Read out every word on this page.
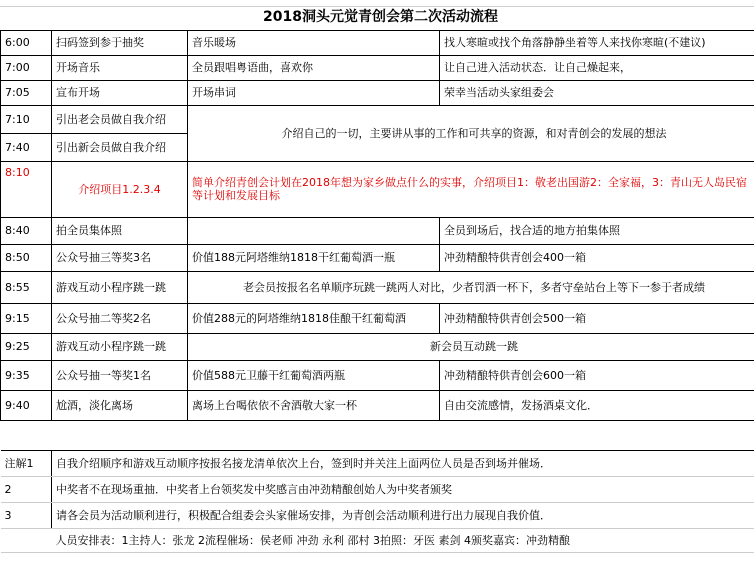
2018洞头元觉青创会第二次活动流程			
6:00	扫码签到参于抽奖	音乐暖场	找人寒暄或找个角落静静坐着等人来找你寒暄(不建议)
7:00	开场音乐	全员跟唱粤语曲，喜欢你	让自己进入活动状态．让自己燥起来，
7:05	宣布开场	开场串词	荣幸当活动头家组委会
7:10	引出老会员做自我介绍	介绍自己的一切，主要讲从事的工作和可共享的资源，和对青创会的发展的想法	
7:40	引出新会员做自我介绍		
8:10	介绍项目1.2.3.4	简单介绍青创会计划在2018年想为家乡做点什么的实事，介绍项目1：敬老出国游2：全家福，3：青山无人岛民宿等计划和发展目标	
8:40	拍全员集体照		全员到场后，找合适的地方拍集体照
8:50	公众号抽三等奖3名	价值188元阿塔维纳1818干红葡萄酒一瓶	冲劲精酿特供青创会400一箱
8:55	游戏互动小程序跳一跳	老会员按报名名单顺序玩跳一跳两人对比，少者罚酒一杯下，多者守垒站台上等下一参于者成绩	
9:15	公众号抽二等奖2名	价值288元的阿塔维纳1818佳酿干红葡萄酒	冲劲精酿特供青创会500一箱
9:25	游戏互动小程序跳一跳	新会员互动跳一跳	
9:35	公众号抽一等奖1名	价值588元卫藤干红葡萄酒两瓶	冲劲精酿特供青创会600一箱
9:40	尬酒，淡化离场	离场上台喝依依不舍酒敬大家一杯	自由交流感情，发扬酒桌文化．

注解1	自我介绍顺序和游戏互动顺序按报名接龙清单依次上台，签到时并关注上面两位人员是否到场并催场．		
2	中奖者不在现场重抽．中奖者上台领奖发中奖感言由冲劲精酿创始人为中奖者颁奖		
3	请各会员为活动顺利进行，积极配合组委会头家催场安排，为青创会活动顺利进行出力展现自我价值．		
	人员安排表：1主持人：张龙 2流程催场：侯老师 冲劲 永利 邵村 3拍照：牙医 素剑 4颁奖嘉宾：冲劲精酿		
